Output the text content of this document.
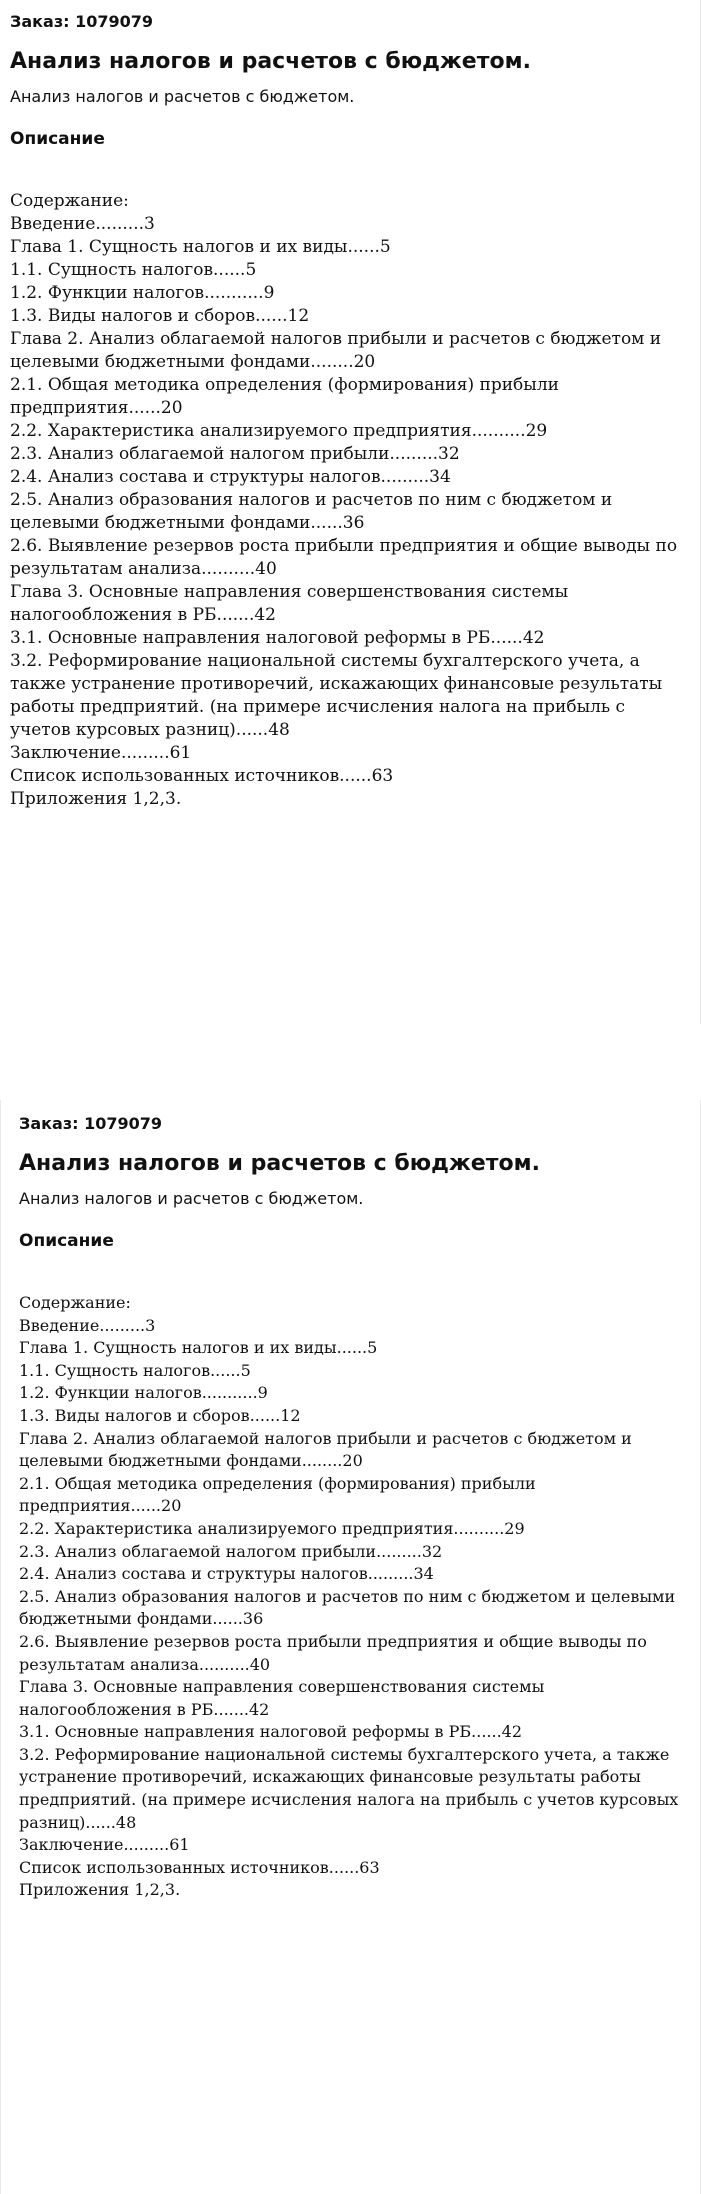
Заказ: 1079079

Анализ налогов и расчетов с бюджетом.

Анализ налогов и расчетов с бюджетом.

Описание
Содержание:
Введение.........3
Глава 1. Сущность налогов и их виды......5
1.1. Сущность налогов......5
1.2. Функции налогов...........9
1.3. Виды налогов и сборов......12
Глава 2. Анализ облагаемой налогов прибыли и расчетов с бюджетом и целевыми бюджетными фондами........20
2.1. Общая методика определения (формирования) прибыли предприятия......20
2.2. Характеристика анализируемого предприятия..........29
2.3. Анализ облагаемой налогом прибыли.........32
2.4. Анализ состава и структуры налогов.........34
2.5. Анализ образования налогов и расчетов по ним с бюджетом и целевыми бюджетными фондами......36
2.6. Выявление резервов роста прибыли предприятия и общие выводы по результатам анализа..........40
Глава 3. Основные направления совершенствования системы налогообложения в РБ.......42
3.1. Основные направления налоговой реформы в РБ......42
3.2. Реформирование национальной системы бухгалтерского учета, а также устранение противоречий, искажающих финансовые результаты работы предприятий. (на примере исчисления налога на прибыль с учетов курсовых разниц)......48
Заключение.........61
Список использованных источников......63
Приложения 1,2,3.

Заказ: 1079079

Анализ налогов и расчетов с бюджетом.

Анализ налогов и расчетов с бюджетом.

Описание
Содержание:
Введение.........3
Глава 1. Сущность налогов и их виды......5
1.1. Сущность налогов......5
1.2. Функции налогов...........9
1.3. Виды налогов и сборов......12
Глава 2. Анализ облагаемой налогов прибыли и расчетов с бюджетом и целевыми бюджетными фондами........20
2.1. Общая методика определения (формирования) прибыли предприятия......20
2.2. Характеристика анализируемого предприятия..........29
2.3. Анализ облагаемой налогом прибыли.........32
2.4. Анализ состава и структуры налогов.........34
2.5. Анализ образования налогов и расчетов по ним с бюджетом и целевыми бюджетными фондами......36
2.6. Выявление резервов роста прибыли предприятия и общие выводы по результатам анализа..........40
Глава 3. Основные направления совершенствования системы налогообложения в РБ.......42
3.1. Основные направления налоговой реформы в РБ......42
3.2. Реформирование национальной системы бухгалтерского учета, а также устранение противоречий, искажающих финансовые результаты работы предприятий. (на примере исчисления налога на прибыль с учетов курсовых разниц)......48
Заключение.........61
Список использованных источников......63
Приложения 1,2,3.
